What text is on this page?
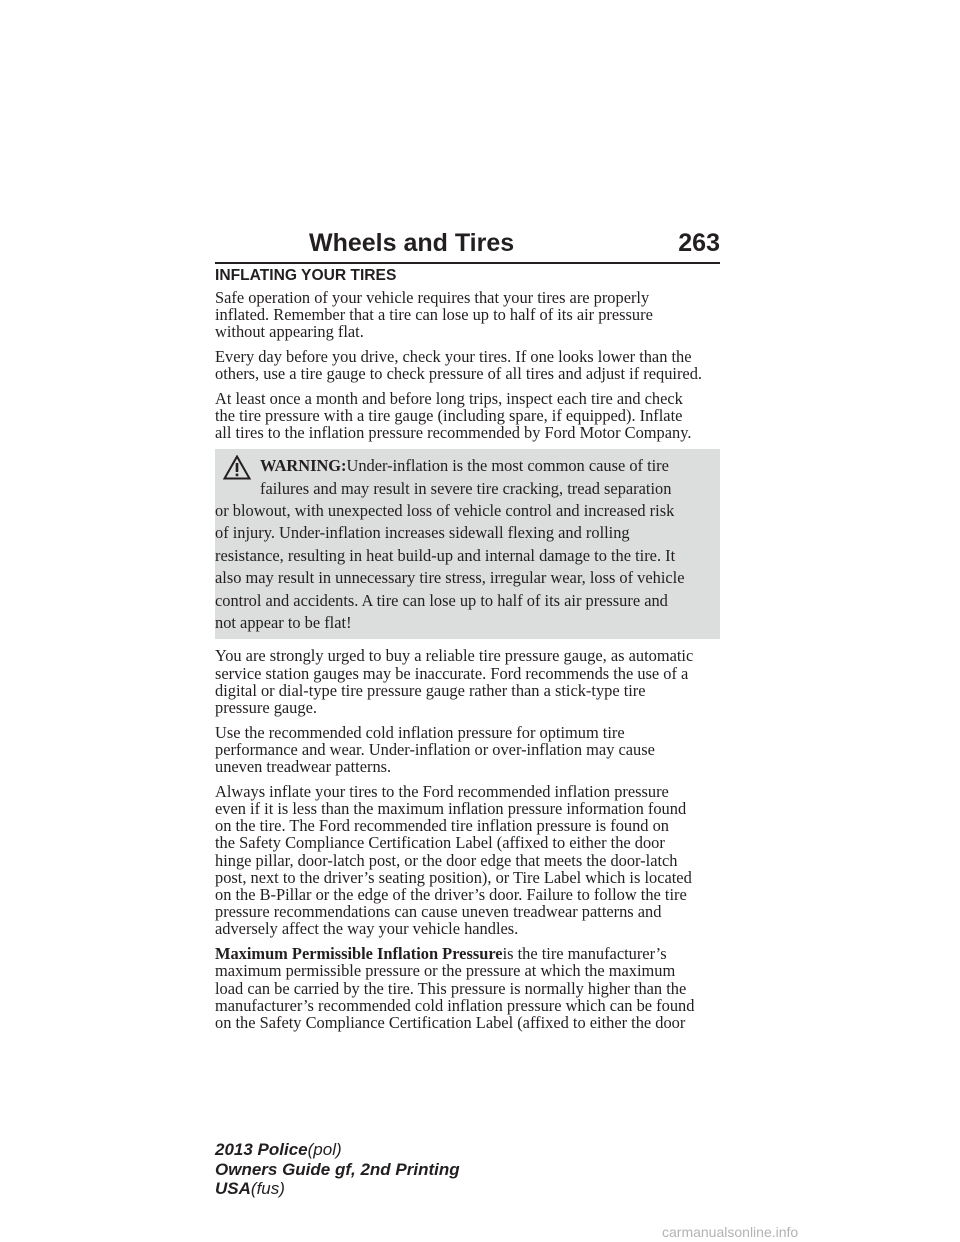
Wheels and Tires	263
INFLATING YOUR TIRES

Safe operation of your vehicle requires that your tires are properly
inflated. Remember that a tire can lose up to half of its air pressure
without appearing flat.

Every day before you drive, check your tires. If one looks lower than the
others, use a tire gauge to check pressure of all tires and adjust if required.

At least once a month and before long trips, inspect each tire and check
the tire pressure with a tire gauge (including spare, if equipped). Inflate
all tires to the inflation pressure recommended by Ford Motor Company.

WARNING:Under-inflation is the most common cause of tire
failures and may result in severe tire cracking, tread separation
or blowout, with unexpected loss of vehicle control and increased risk
of injury. Under-inflation increases sidewall flexing and rolling
resistance, resulting in heat build-up and internal damage to the tire. It
also may result in unnecessary tire stress, irregular wear, loss of vehicle
control and accidents. A tire can lose up to half of its air pressure and
not appear to be flat!

You are strongly urged to buy a reliable tire pressure gauge, as automatic
service station gauges may be inaccurate. Ford recommends the use of a
digital or dial-type tire pressure gauge rather than a stick-type tire
pressure gauge.

Use the recommended cold inflation pressure for optimum tire
performance and wear. Under-inflation or over-inflation may cause
uneven treadwear patterns.

Always inflate your tires to the Ford recommended inflation pressure
even if it is less than the maximum inflation pressure information found
on the tire. The Ford recommended tire inflation pressure is found on
the Safety Compliance Certification Label (affixed to either the door
hinge pillar, door-latch post, or the door edge that meets the door-latch
post, next to the driver’s seating position), or Tire Label which is located
on the B-Pillar or the edge of the driver’s door. Failure to follow the tire
pressure recommendations can cause uneven treadwear patterns and
adversely affect the way your vehicle handles.

Maximum Permissible Inflation Pressureis the tire manufacturer’s
maximum permissible pressure or the pressure at which the maximum
load can be carried by the tire. This pressure is normally higher than the
manufacturer’s recommended cold inflation pressure which can be found
on the Safety Compliance Certification Label (affixed to either the door

2013 Police(pol)
Owners Guide gf, 2nd Printing
USA(fus)
carmanualsonline.info
